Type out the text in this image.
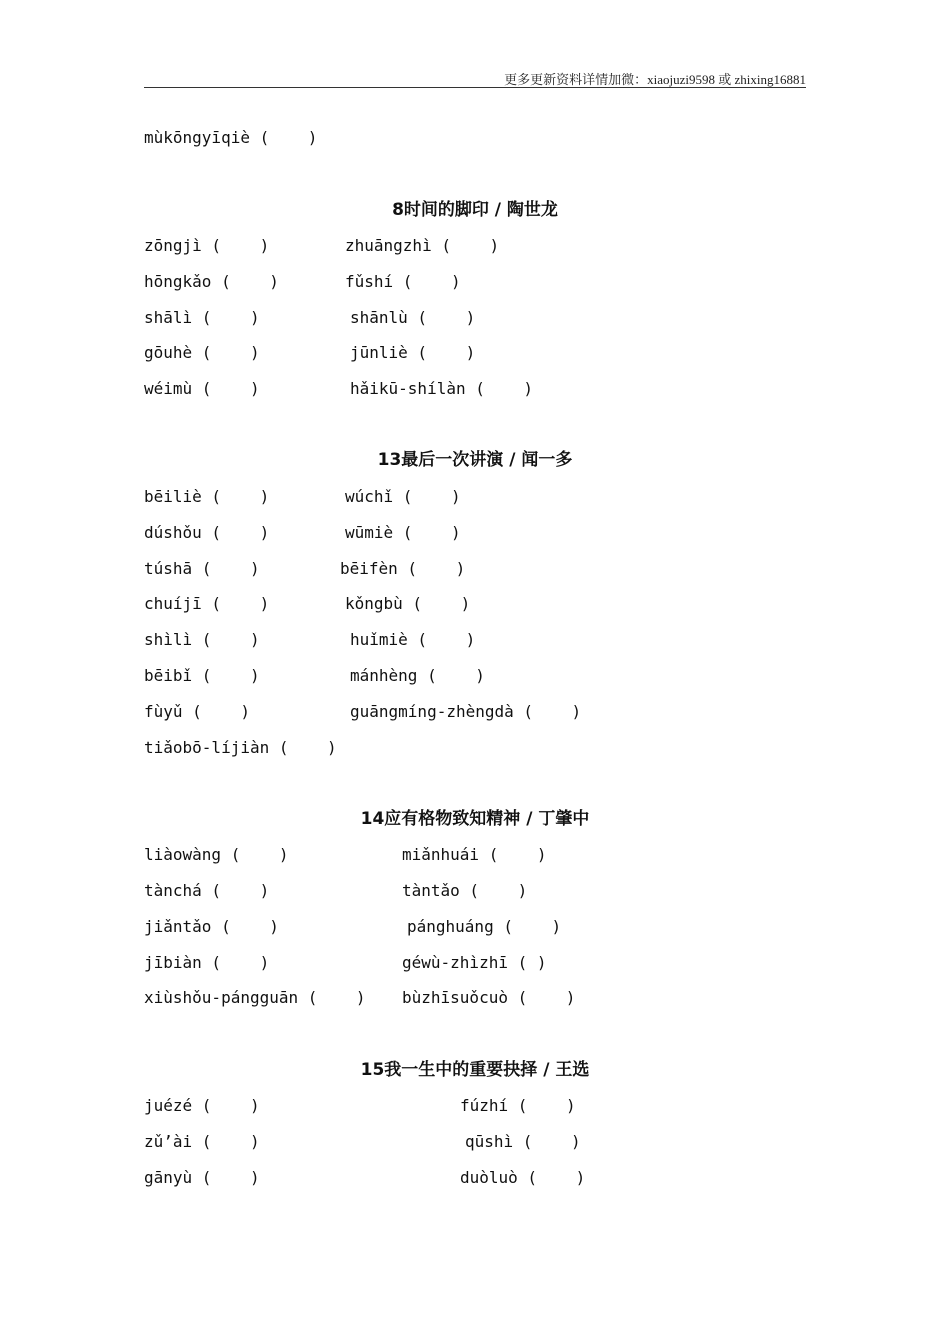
更多更新资料详情加微：xiaojuzi9598 或 zhixing16881
mùkōngyīqiè (    )
8时间的脚印 / 陶世龙
zōngjì (    )
hōngkǎo (    )
shālì (    )
gōuhè (    )
wéimù (    )
zhuāngzhì (    )
fǔshí (    )
shānlù (    )
jūnliè (    )
hǎikū-shílàn (    )
13最后一次讲演 / 闻一多
bēiliè (    )
dúshǒu (    )
túshā (    )
chuíjī (    )
shìlì (    )
bēibǐ (    )
fùyǔ (    )
tiǎobō-líjiàn (    )
wúchǐ (    )
wūmiè (    )
bēifèn (    )
kǒngbù (    )
huǐmiè (    )
mánhèng (    )
guāngmíng-zhèngdà (    )
14应有格物致知精神 / 丁肇中
liàowàng (    )
tànchá (    )
jiǎntǎo (    )
jībiàn (    )
xiùshǒu-pángguān (    )
miǎnhuái (    )
tàntǎo (    )
pánghuáng (    )
géwù-zhìzhī ( )
bùzhīsuǒcuò (    )
15我一生中的重要抉择 / 王选
juézé (    )
zǔ’ài (    )
gānyù (    )
fúzhí (    )
qūshì (    )
duòluò (    )
